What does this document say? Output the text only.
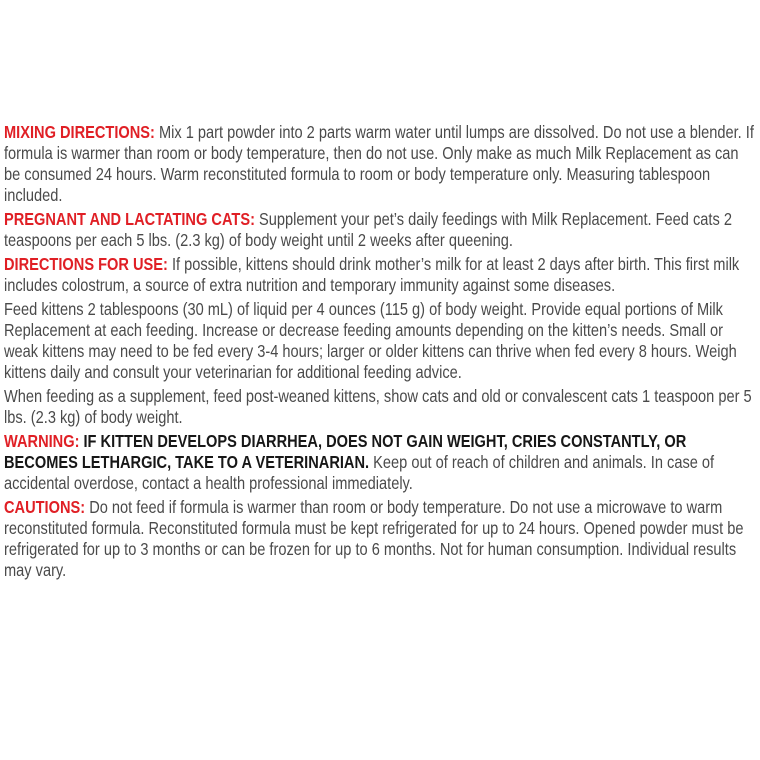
MIXING DIRECTIONS: Mix 1 part powder into 2 parts warm water until lumps are dissolved. Do not use a blender. If formula is warmer than room or body temperature, then do not use. Only make as much Milk Replacement as can be consumed 24 hours. Warm reconstituted formula to room or body temperature only. Measuring tablespoon included.

PREGNANT AND LACTATING CATS: Supplement your pet’s daily feedings with Milk Replacement. Feed cats 2 teaspoons per each 5 lbs. (2.3 kg) of body weight until 2 weeks after queening.

DIRECTIONS FOR USE: If possible, kittens should drink mother’s milk for at least 2 days after birth. This first milk includes colostrum, a source of extra nutrition and temporary immunity against some diseases.

Feed kittens 2 tablespoons (30 mL) of liquid per 4 ounces (115 g) of body weight. Provide equal portions of Milk Replacement at each feeding. Increase or decrease feeding amounts depending on the kitten’s needs. Small or weak kittens may need to be fed every 3-4 hours; larger or older kittens can thrive when fed every 8 hours. Weigh kittens daily and consult your veterinarian for additional feeding advice.

When feeding as a supplement, feed post-weaned kittens, show cats and old or convalescent cats 1 teaspoon per 5 lbs. (2.3 kg) of body weight.

WARNING: IF KITTEN DEVELOPS DIARRHEA, DOES NOT GAIN WEIGHT, CRIES CONSTANTLY, OR BECOMES LETHARGIC, TAKE TO A VETERINARIAN. Keep out of reach of children and animals. In case of accidental overdose, contact a health professional immediately.

CAUTIONS: Do not feed if formula is warmer than room or body temperature. Do not use a microwave to warm reconstituted formula. Reconstituted formula must be kept refrigerated for up to 24 hours. Opened powder must be refrigerated for up to 3 months or can be frozen for up to 6 months. Not for human consumption. Individual results may vary.
